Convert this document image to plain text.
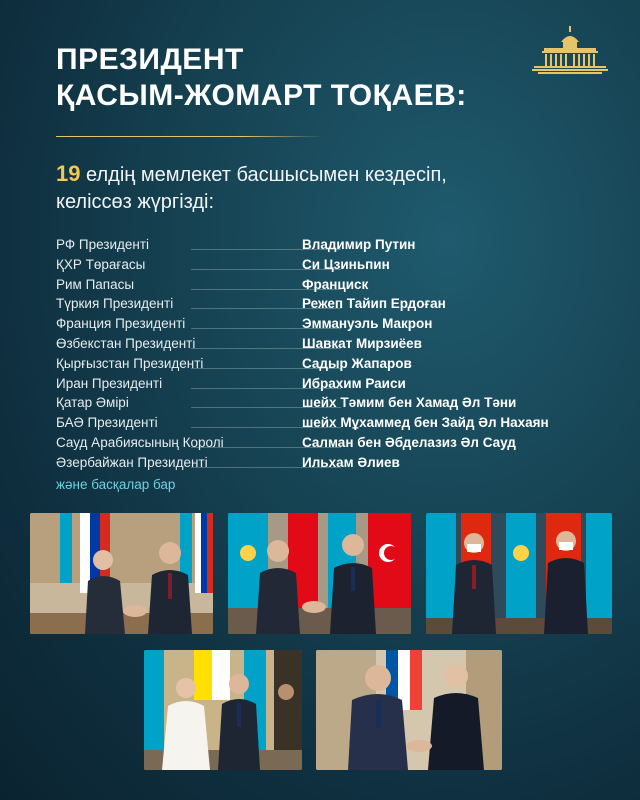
ПРЕЗИДЕНТ
ҚАСЫМ-ЖОМАРТ ТОҚАЕВ:
19 елдің мемлекет басшысымен кездесіп,
келіссөз жүргізді:
РФ Президенті	Владимир Путин
ҚХР Төрағасы	Си Цзиньпин
Рим Папасы	Франциск
Түркия Президенті	Режеп Тайип Ердоған
Франция Президенті	Эммануэль Макрон
Өзбекстан Президенті	Шавкат Мирзиёев
Қырғызстан Президенті	Садыр Жапаров
Иран Президенті	Ибрахим Раиси
Қатар Әмірі	шейх Тәмим бен Хамад Әл Тәни
БАӘ Президенті	шейх Мұхаммед бен Зайд Әл Нахаян
Сауд Арабиясының Королі	Салман бен Әбделазиз Әл Сауд
Әзербайжан Президенті	Ильхам Әлиев
және басқалар бар
